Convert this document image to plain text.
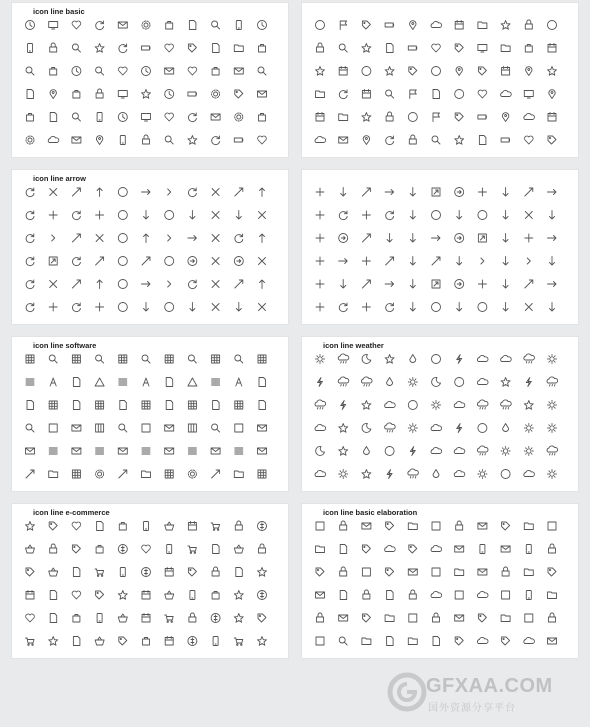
icon line basic
icon line arrow
icon line software	icon line weather
icon line e-commerce	icon line basic elaboration
GFXAA.COM
国外资源分享平台
